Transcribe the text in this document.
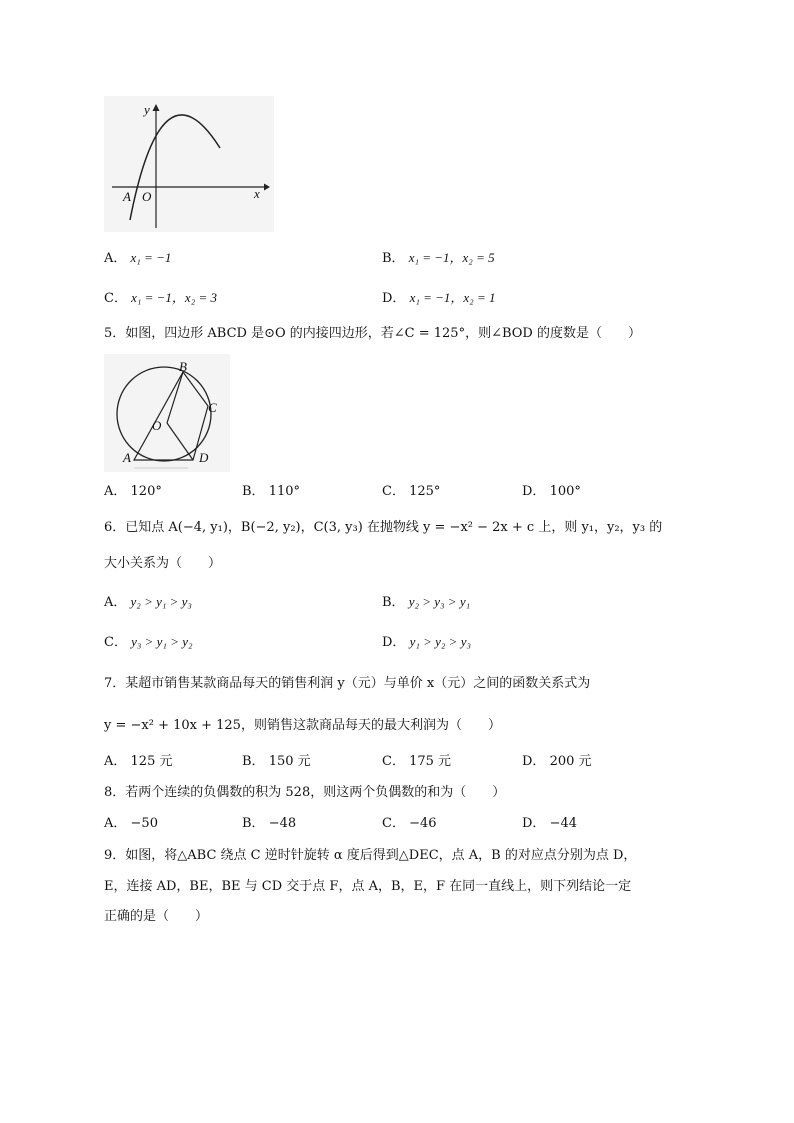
y
x
A O
A． x₁ = −1	B． x₁ = −1，x₂ = 5
C． x₁ = −1，x₂ = 3	D． x₁ = −1，x₂ = 1
5．如图，四边形 ABCD 是⊙O 的内接四边形，若∠C = 125°，则∠BOD 的度数是（　　）
B
C
O
A	D
A． 120°	B． 110°	C． 125°	D． 100°
6．已知点 A(−4, y₁)，B(−2, y₂)，C(3, y₃) 在抛物线 y = −x² − 2x + c 上，则 y₁，y₂，y₃ 的
大小关系为（　　）
A． y₂ > y₁ > y₃	B． y₂ > y₃ > y₁
C． y₃ > y₁ > y₂	D． y₁ > y₂ > y₃
7．某超市销售某款商品每天的销售利润 y（元）与单价 x（元）之间的函数关系式为
y = −x² + 10x + 125，则销售这款商品每天的最大利润为（　　）
A． 125 元	B． 150 元	C． 175 元	D． 200 元
8．若两个连续的负偶数的积为 528，则这两个负偶数的和为（　　）
A． −50	B． −48	C． −46	D． −44
9．如图，将△ABC 绕点 C 逆时针旋转 α 度后得到△DEC，点 A，B 的对应点分别为点 D，
E，连接 AD，BE，BE 与 CD 交于点 F，点 A，B，E，F 在同一直线上，则下列结论一定
正确的是（　　）
